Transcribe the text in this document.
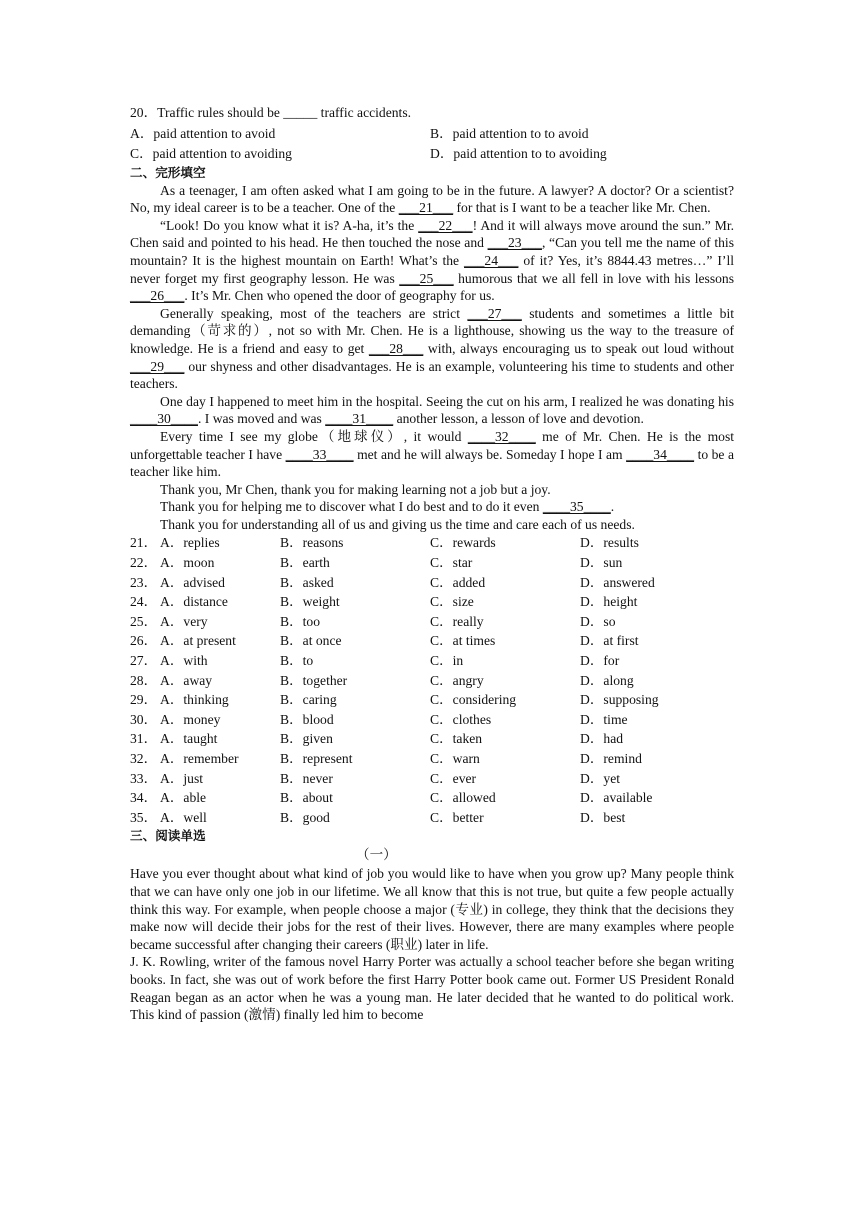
20．Traffic rules should be _____ traffic accidents.
A．paid attention to avoid	B．paid attention to to avoid
C．paid attention to avoiding	D．paid attention to to avoiding
二、完形填空

As a teenager, I am often asked what I am going to be in the future. A lawyer? A doctor? Or a scientist? No, my ideal career is to be a teacher. One of the ___21___ for that is I want to be a teacher like Mr. Chen.

“Look! Do you know what it is? A-ha, it’s the ___22___! And it will always move around the sun.” Mr. Chen said and pointed to his head. He then touched the nose and ___23___, “Can you tell me the name of this mountain? It is the highest mountain on Earth! What’s the ___24___ of it? Yes, it’s 8844.43 metres…” I’ll never forget my first geography lesson. He was ___25___ humorous that we all fell in love with his lessons ___26___. It’s Mr. Chen who opened the door of geography for us.

Generally speaking, most of the teachers are strict ___27___ students and sometimes a little bit demanding（苛求的）, not so with Mr. Chen. He is a lighthouse, showing us the way to the treasure of knowledge. He is a friend and easy to get ___28___ with, always encouraging us to speak out loud without ___29___ our shyness and other disadvantages. He is an example, volunteering his time to students and other teachers.

One day I happened to meet him in the hospital. Seeing the cut on his arm, I realized he was donating his ____30____. I was moved and was ____31____ another lesson, a lesson of love and devotion.

Every time I see my globe（地球仪）, it would ____32____ me of Mr. Chen. He is the most unforgettable teacher I have ____33____ met and he will always be. Someday I hope I am ____34____ to be a teacher like him.

Thank you, Mr Chen, thank you for making learning not a job but a joy.

Thank you for helping me to discover what I do best and to do it even ____35____.

Thank you for understanding all of us and giving us the time and care each of us needs.

21． A．replies	B．reasons	C．rewards	D．results
22． A．moon	B．earth	C．star	D．sun
23． A．advised	B．asked	C．added	D．answered
24． A．distance	B．weight	C．size	D．height
25． A．very	B．too	C．really	D．so
26． A．at present	B．at once	C．at times	D．at first
27． A．with	B．to	C．in	D．for
28． A．away	B．together	C．angry	D．along
29． A．thinking	B．caring	C．considering	D．supposing
30． A．money	B．blood	C．clothes	D．time
31． A．taught	B．given	C．taken	D．had
32． A．remember	B．represent	C．warn	D．remind
33． A．just	B．never	C．ever	D．yet
34． A．able	B．about	C．allowed	D．available
35． A．well	B．good	C．better	D．best
三、阅读单选
（一）

Have you ever thought about what kind of job you would like to have when you grow up? Many people think that we can have only one job in our lifetime. We all know that this is not true, but quite a few people actually think this way. For example, when people choose a major (专业) in college, they think that the decisions they make now will decide their jobs for the rest of their lives. However, there are many examples where people became successful after changing their careers (职业) later in life.

J. K. Rowling, writer of the famous novel Harry Porter was actually a school teacher before she began writing books. In fact, she was out of work before the first Harry Potter book came out. Former US President Ronald Reagan began as an actor when he was a young man. He later decided that he wanted to do political work. This kind of passion (激情) finally led him to become
